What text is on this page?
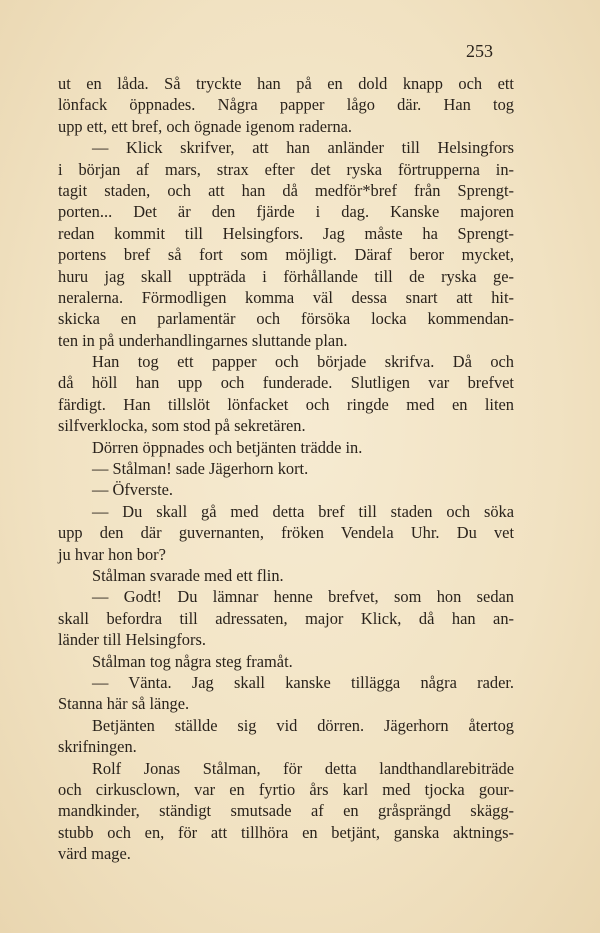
253
ut en låda. Så tryckte han på en dold knapp och ett
lönfack öppnades. Några papper lågo där. Han tog
upp ett, ett bref, och ögnade igenom raderna.
— Klick skrifver, att han anländer till Helsingfors
i början af mars, strax efter det ryska förtrupperna in-
tagit staden, och att han då medför*bref från Sprengt-
porten... Det är den fjärde i dag. Kanske majoren
redan kommit till Helsingfors. Jag måste ha Sprengt-
portens bref så fort som möjligt. Däraf beror mycket,
huru jag skall uppträda i förhållande till de ryska ge-
neralerna. Förmodligen komma väl dessa snart att hit-
skicka en parlamentär och försöka locka kommendan-
ten in på underhandlingarnes sluttande plan.
Han tog ett papper och började skrifva. Då och
då höll han upp och funderade. Slutligen var brefvet
färdigt. Han tillslöt lönfacket och ringde med en liten
silfverklocka, som stod på sekretären.
Dörren öppnades och betjänten trädde in.
— Stålman! sade Jägerhorn kort.
— Öfverste.
— Du skall gå med detta bref till staden och söka
upp den där guvernanten, fröken Vendela Uhr. Du vet
ju hvar hon bor?
Stålman svarade med ett flin.
— Godt! Du lämnar henne brefvet, som hon sedan
skall befordra till adressaten, major Klick, då han an-
länder till Helsingfors.
Stålman tog några steg framåt.
— Vänta. Jag skall kanske tillägga några rader.
Stanna här så länge.
Betjänten ställde sig vid dörren. Jägerhorn återtog
skrifningen.
Rolf Jonas Stålman, för detta landthandlarebiträde
och cirkusclown, var en fyrtio års karl med tjocka gour-
mandkinder, ständigt smutsade af en gråsprängd skägg-
stubb och en, för att tillhöra en betjänt, ganska aktnings-
värd mage.
